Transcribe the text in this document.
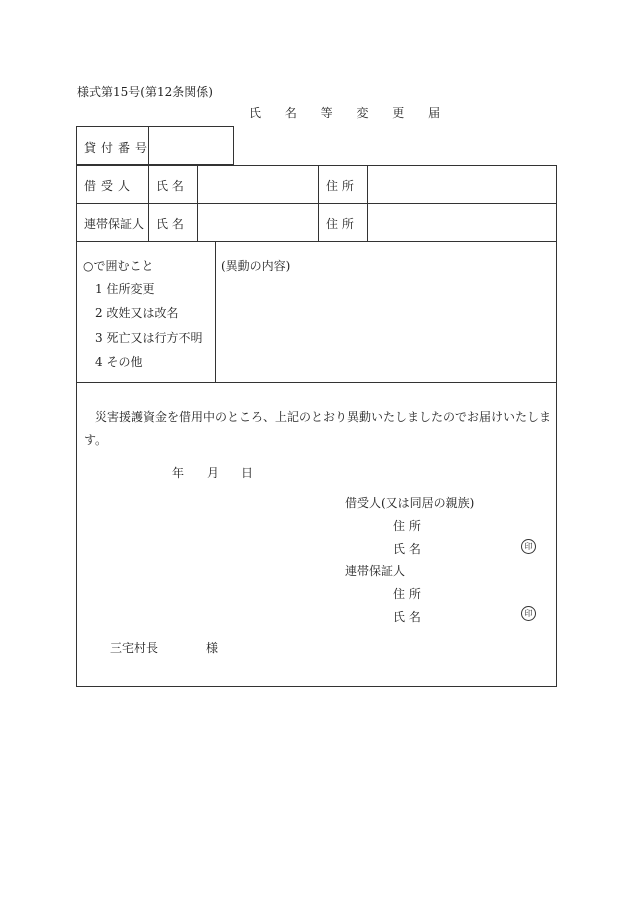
様式第15号(第12条関係)
氏 名 等 変 更 届
貸付番号
借受人 氏 名	住 所
連帯保証人 氏 名	住 所
○で囲むこと
1 住所変更
2 改姓又は改名
3 死亡又は行方不明
4 その他
(異動の内容)
災害援護資金を借用中のところ、上記のとおり異動いたしましたのでお届けいたしま
す。
年 月 日
借受人(又は同居の親族)
住 所
氏 名	印
連帯保証人
住 所
氏 名	印
三宅村長	様
